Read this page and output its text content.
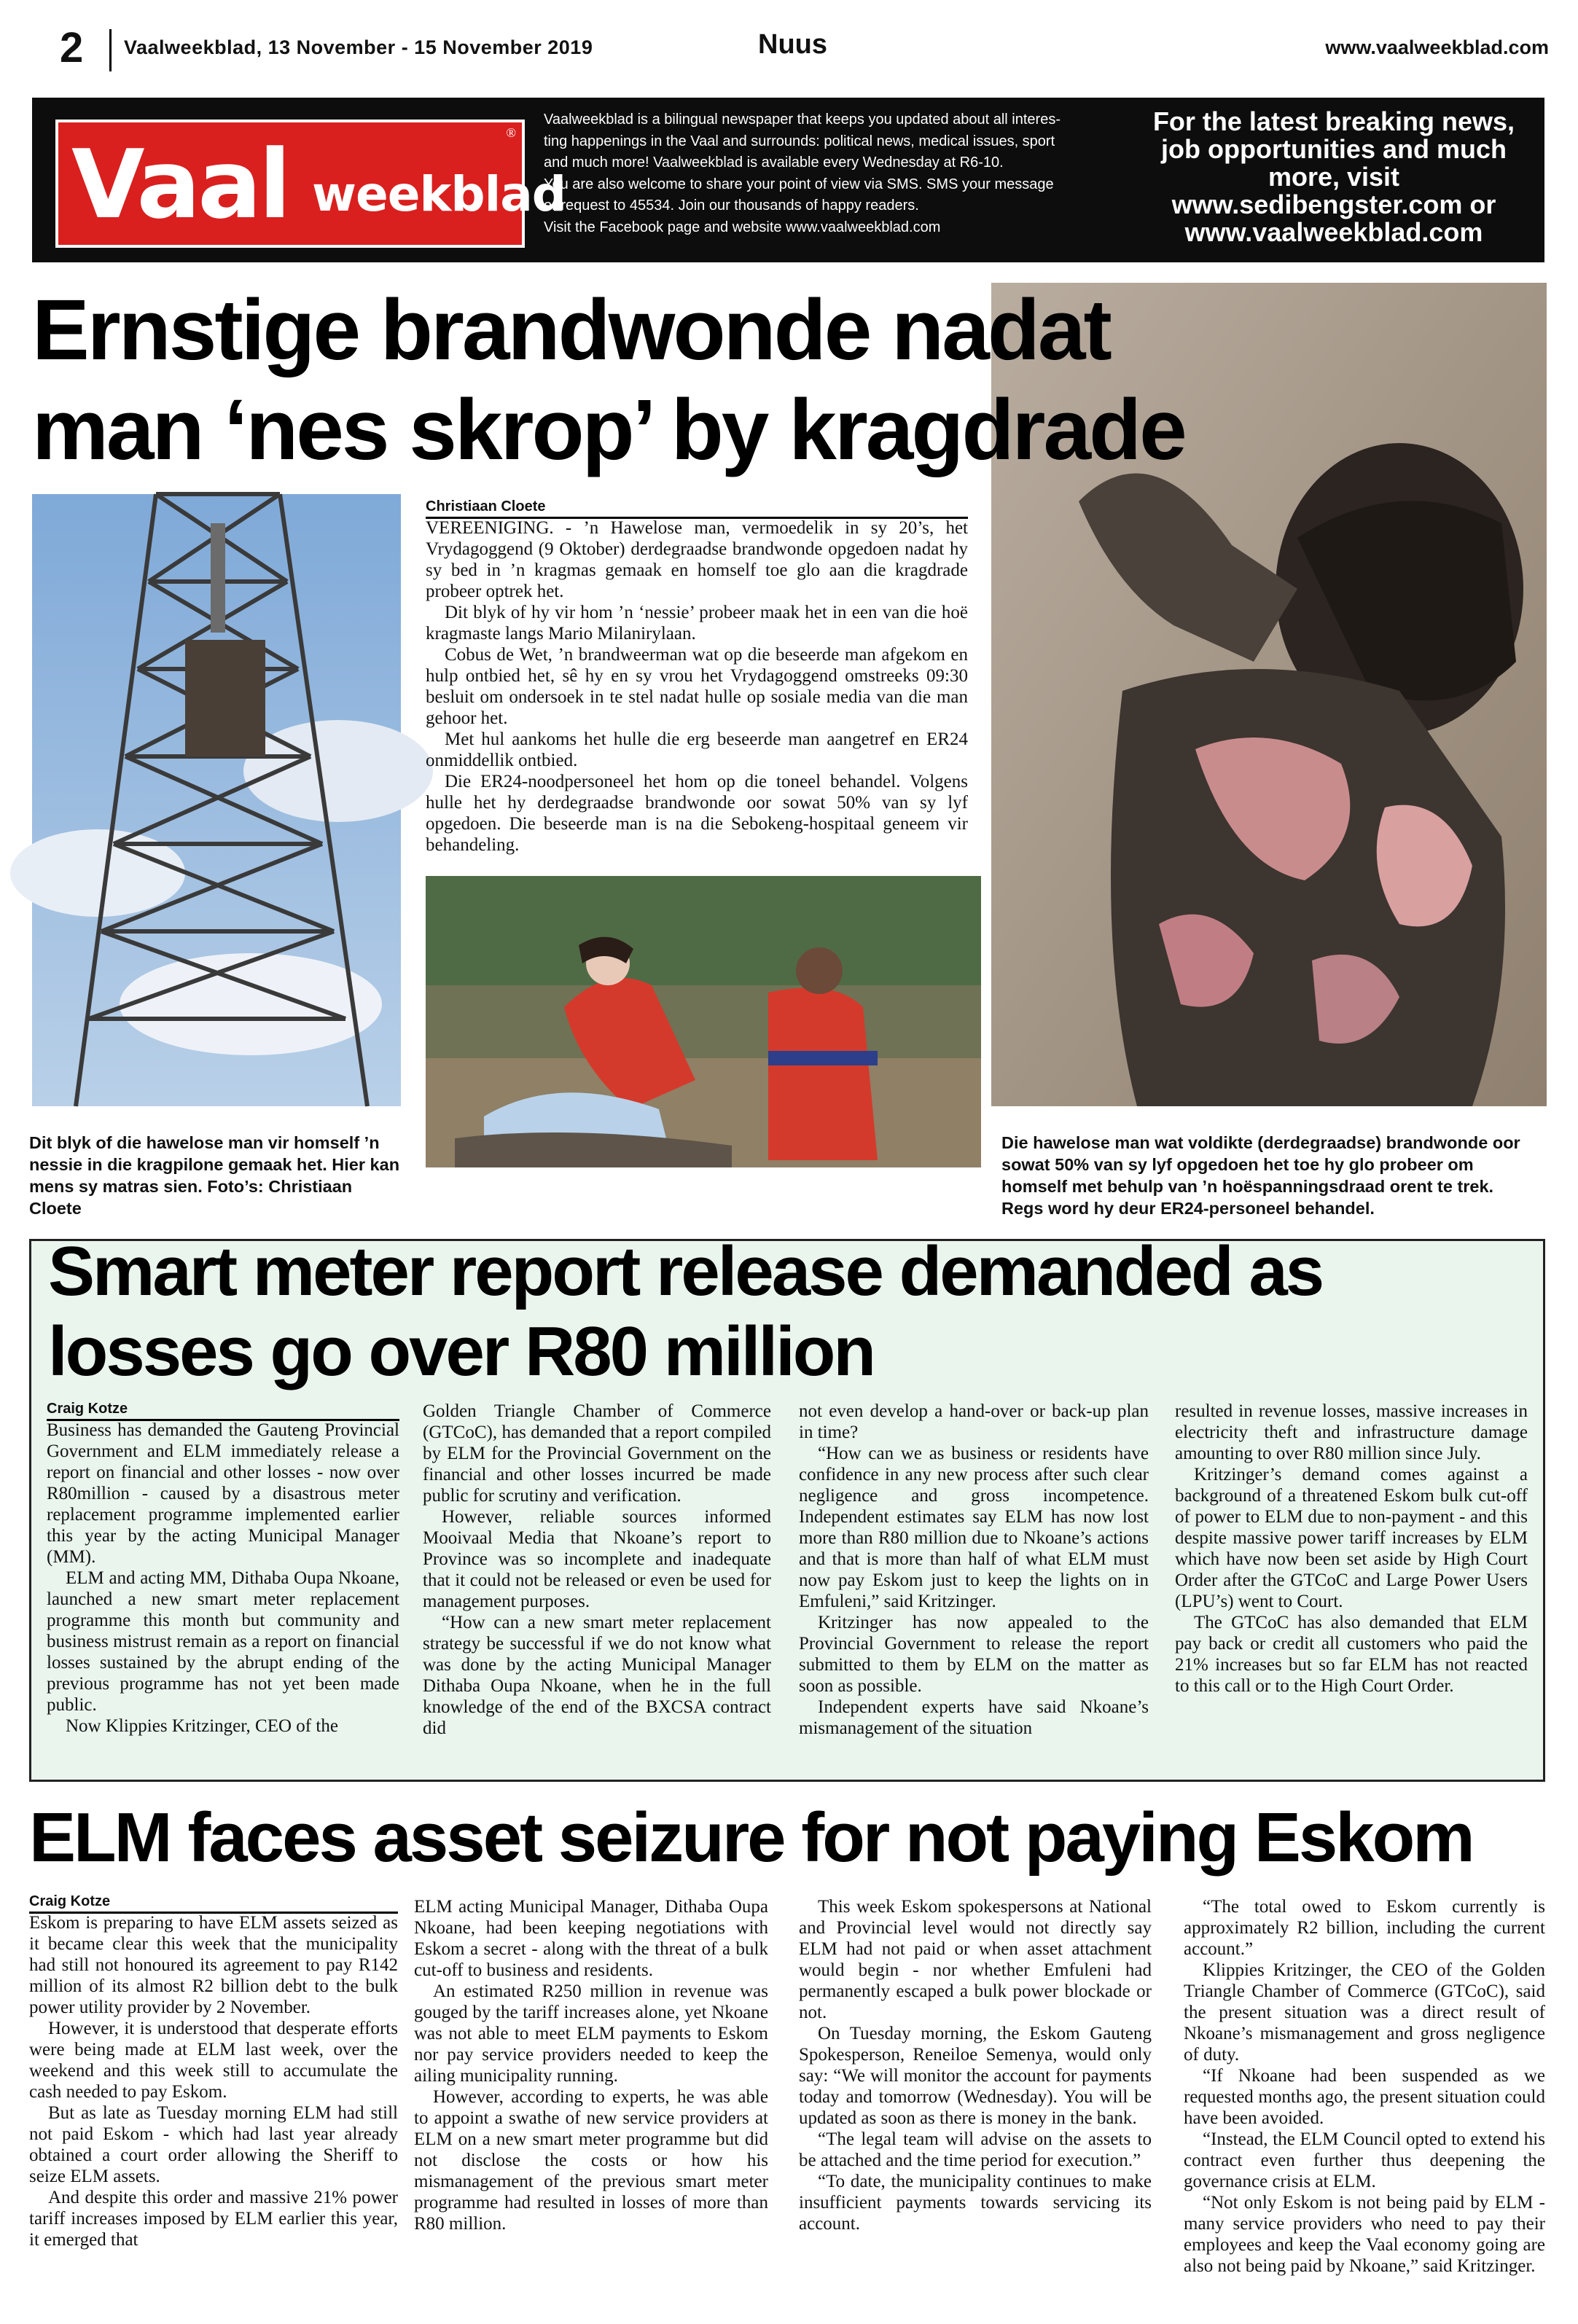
2 Vaalweekblad, 13 November - 15 November 2019	Nuus	www.vaalweekblad.com
Vaal weekblad
®
Vaalweekblad is a bilingual newspaper that keeps you updated about all interes-
ting happenings in the Vaal and surrounds: political news, medical issues, sport
and much more! Vaalweekblad is available every Wednesday at R6-10.
You are also welcome to share your point of view via SMS. SMS your message
or request to 45534. Join our thousands of happy readers.
Visit the Facebook page and website www.vaalweekblad.com
For the latest breaking news,
job opportunities and much
more, visit
www.sedibengster.com or
www.vaalweekblad.com
Ernstige brandwonde nadat
man ‘nes skrop’ by kragdrade
Christiaan Cloete

VEREENIGING. - ’n Hawelose man, vermoedelik in sy 20’s, het Vrydagoggend (9 Oktober) derdegraadse brandwonde opgedoen nadat hy sy bed in ’n kragmas gemaak en homself toe glo aan die kragdrade probeer optrek het.

Dit blyk of hy vir hom ’n ‘nessie’ probeer maak het in een van die hoë kragmaste langs Mario Milanirylaan.

Cobus de Wet, ’n brandweerman wat op die beseerde man afgekom en hulp ontbied het, sê hy en sy vrou het Vrydagoggend omstreeks 09:30 besluit om ondersoek in te stel nadat hulle op sosiale media van die man gehoor het.

Met hul aankoms het hulle die erg beseerde man aangetref en ER24 onmiddellik ontbied.

Die ER24-noodpersoneel het hom op die toneel behandel. Volgens hulle het hy derdegraadse brandwonde oor sowat 50% van sy lyf opgedoen. Die beseerde man is na die Sebokeng-hospitaal geneem vir behandeling.

Dit blyk of die hawelose man vir homself ’n nessie in die kragpilone gemaak het. Hier kan mens sy matras sien. Foto’s: Christiaan Cloete
Die hawelose man wat voldikte (derdegraadse) brandwonde oor sowat 50% van sy lyf opgedoen het toe hy glo probeer om homself met behulp van ’n hoëspanningsdraad orent te trek. Regs word hy deur ER24-personeel behandel.
Smart meter report release demanded as
losses go over R80 million
Craig Kotze

Business has demanded the Gauteng Provincial Government and ELM immediately release a report on financial and other losses - now over R80million - caused by a disastrous meter replacement programme implemented earlier this year by the acting Municipal Manager (MM).

ELM and acting MM, Dithaba Oupa Nkoane, launched a new smart meter replacement programme this month but community and business mistrust remain as a report on financial losses sustained by the abrupt ending of the previous programme has not yet been made public.

Now Klippies Kritzinger, CEO of the

Golden Triangle Chamber of Commerce (GTCoC), has demanded that a report compiled by ELM for the Provincial Government on the financial and other losses incurred be made public for scrutiny and verification.

However, reliable sources informed Mooivaal Media that Nkoane’s report to Province was so incomplete and inadequate that it could not be released or even be used for management purposes.

“How can a new smart meter replacement strategy be successful if we do not know what was done by the acting Municipal Manager Dithaba Oupa Nkoane, when he in the full knowledge of the end of the BXCSA contract did

not even develop a hand-over or back-up plan in time?

“How can we as business or residents have confidence in any new process after such clear negligence and gross incompetence. Independent estimates say ELM has now lost more than R80 million due to Nkoane’s actions and that is more than half of what ELM must now pay Eskom just to keep the lights on in Emfuleni,” said Kritzinger.

Kritzinger has now appealed to the Provincial Government to release the report submitted to them by ELM on the matter as soon as possible.

Independent experts have said Nkoane’s mismanagement of the situation

resulted in revenue losses, massive increases in electricity theft and infrastructure damage amounting to over R80 million since July.

Kritzinger’s demand comes against a background of a threatened Eskom bulk cut-off of power to ELM due to non-payment - and this despite massive power tariff increases by ELM which have now been set aside by High Court Order after the GTCoC and Large Power Users (LPU’s) went to Court.

The GTCoC has also demanded that ELM pay back or credit all customers who paid the 21% increases but so far ELM has not reacted to this call or to the High Court Order.

ELM faces asset seizure for not paying Eskom
Craig Kotze

Eskom is preparing to have ELM assets seized as it became clear this week that the municipality had still not honoured its agreement to pay R142 million of its almost R2 billion debt to the bulk power utility provider by 2 November.

However, it is understood that desperate efforts were being made at ELM last week, over the weekend and this week still to accumulate the cash needed to pay Eskom.

But as late as Tuesday morning ELM had still not paid Eskom - which had last year already obtained a court order allowing the Sheriff to seize ELM assets.

And despite this order and massive 21% power tariff increases imposed by ELM earlier this year, it emerged that

ELM acting Municipal Manager, Dithaba Oupa Nkoane, had been keeping negotiations with Eskom a secret - along with the threat of a bulk cut-off to business and residents.

An estimated R250 million in revenue was gouged by the tariff increases alone, yet Nkoane was not able to meet ELM payments to Eskom nor pay service providers needed to keep the ailing municipality running.

However, according to experts, he was able to appoint a swathe of new service providers at ELM on a new smart meter programme but did not disclose the costs or how his mismanagement of the previous smart meter programme had resulted in losses of more than R80 million.

This week Eskom spokespersons at National and Provincial level would not directly say ELM had not paid or when asset attachment would begin - nor whether Emfuleni had permanently escaped a bulk power blockade or not.

On Tuesday morning, the Eskom Gauteng Spokesperson, Reneiloe Semenya, would only say: “We will monitor the account for payments today and tomorrow (Wednesday). You will be updated as soon as there is money in the bank.

“The legal team will advise on the assets to be attached and the time period for execution.”

“To date, the municipality continues to make insufficient payments towards servicing its account.

“The total owed to Eskom currently is approximately R2 billion, including the current account.”

Klippies Kritzinger, the CEO of the Golden Triangle Chamber of Commerce (GTCoC), said the present situation was a direct result of Nkoane’s mismanagement and gross negligence of duty.

“If Nkoane had been suspended as we requested months ago, the present situation could have been avoided.

“Instead, the ELM Council opted to extend his contract even further thus deepening the governance crisis at ELM.

“Not only Eskom is not being paid by ELM - many service providers who need to pay their employees and keep the Vaal economy going are also not being paid by Nkoane,” said Kritzinger.
